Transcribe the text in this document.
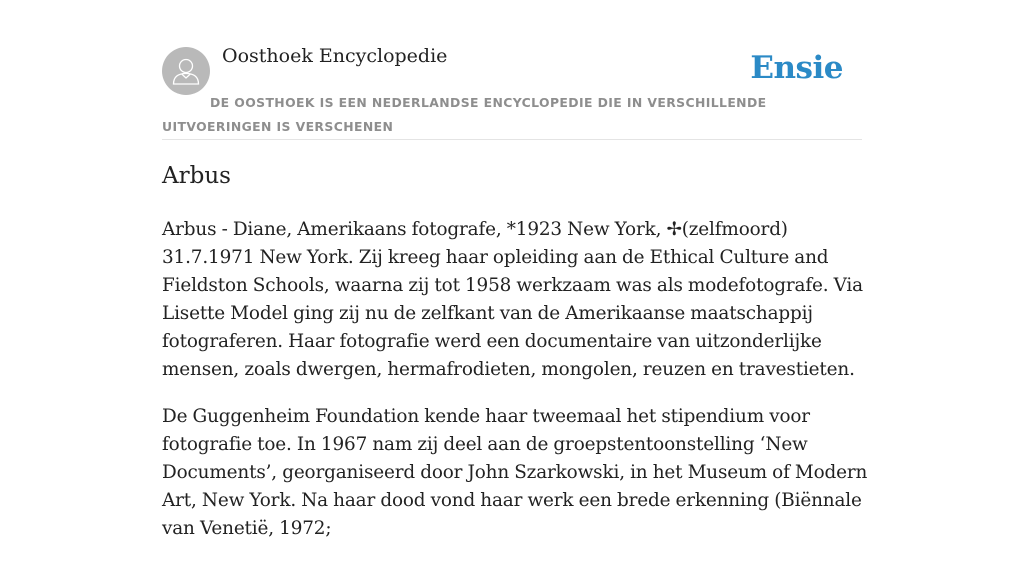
Oosthoek Encyclopedie	Ensie
DE OOSTHOEK IS EEN NEDERLANDSE ENCYCLOPEDIE DIE IN VERSCHILLENDE UITVOERINGEN IS VERSCHENEN
Arbus

Arbus - Diane, Amerikaans fotografe, *1923 New York, ✢(zelfmoord) 31.7.1971 New York. Zij kreeg haar opleiding aan de Ethical Culture and Fieldston Schools, waarna zij tot 1958 werkzaam was als modefotografe. Via Lisette Model ging zij nu de zelfkant van de Amerikaanse maatschappij fotograferen. Haar fotografie werd een documentaire van uitzonderlijke mensen, zoals dwergen, hermafrodieten, mongolen, reuzen en travestieten.

De Guggenheim Foundation kende haar tweemaal het stipendium voor fotografie toe. In 1967 nam zij deel aan de groepstentoonstelling ‘New Documents’, georganiseerd door John Szarkowski, in het Museum of Modern Art, New York. Na haar dood vond haar werk een brede erkenning (Biënnale van Venetië, 1972;
